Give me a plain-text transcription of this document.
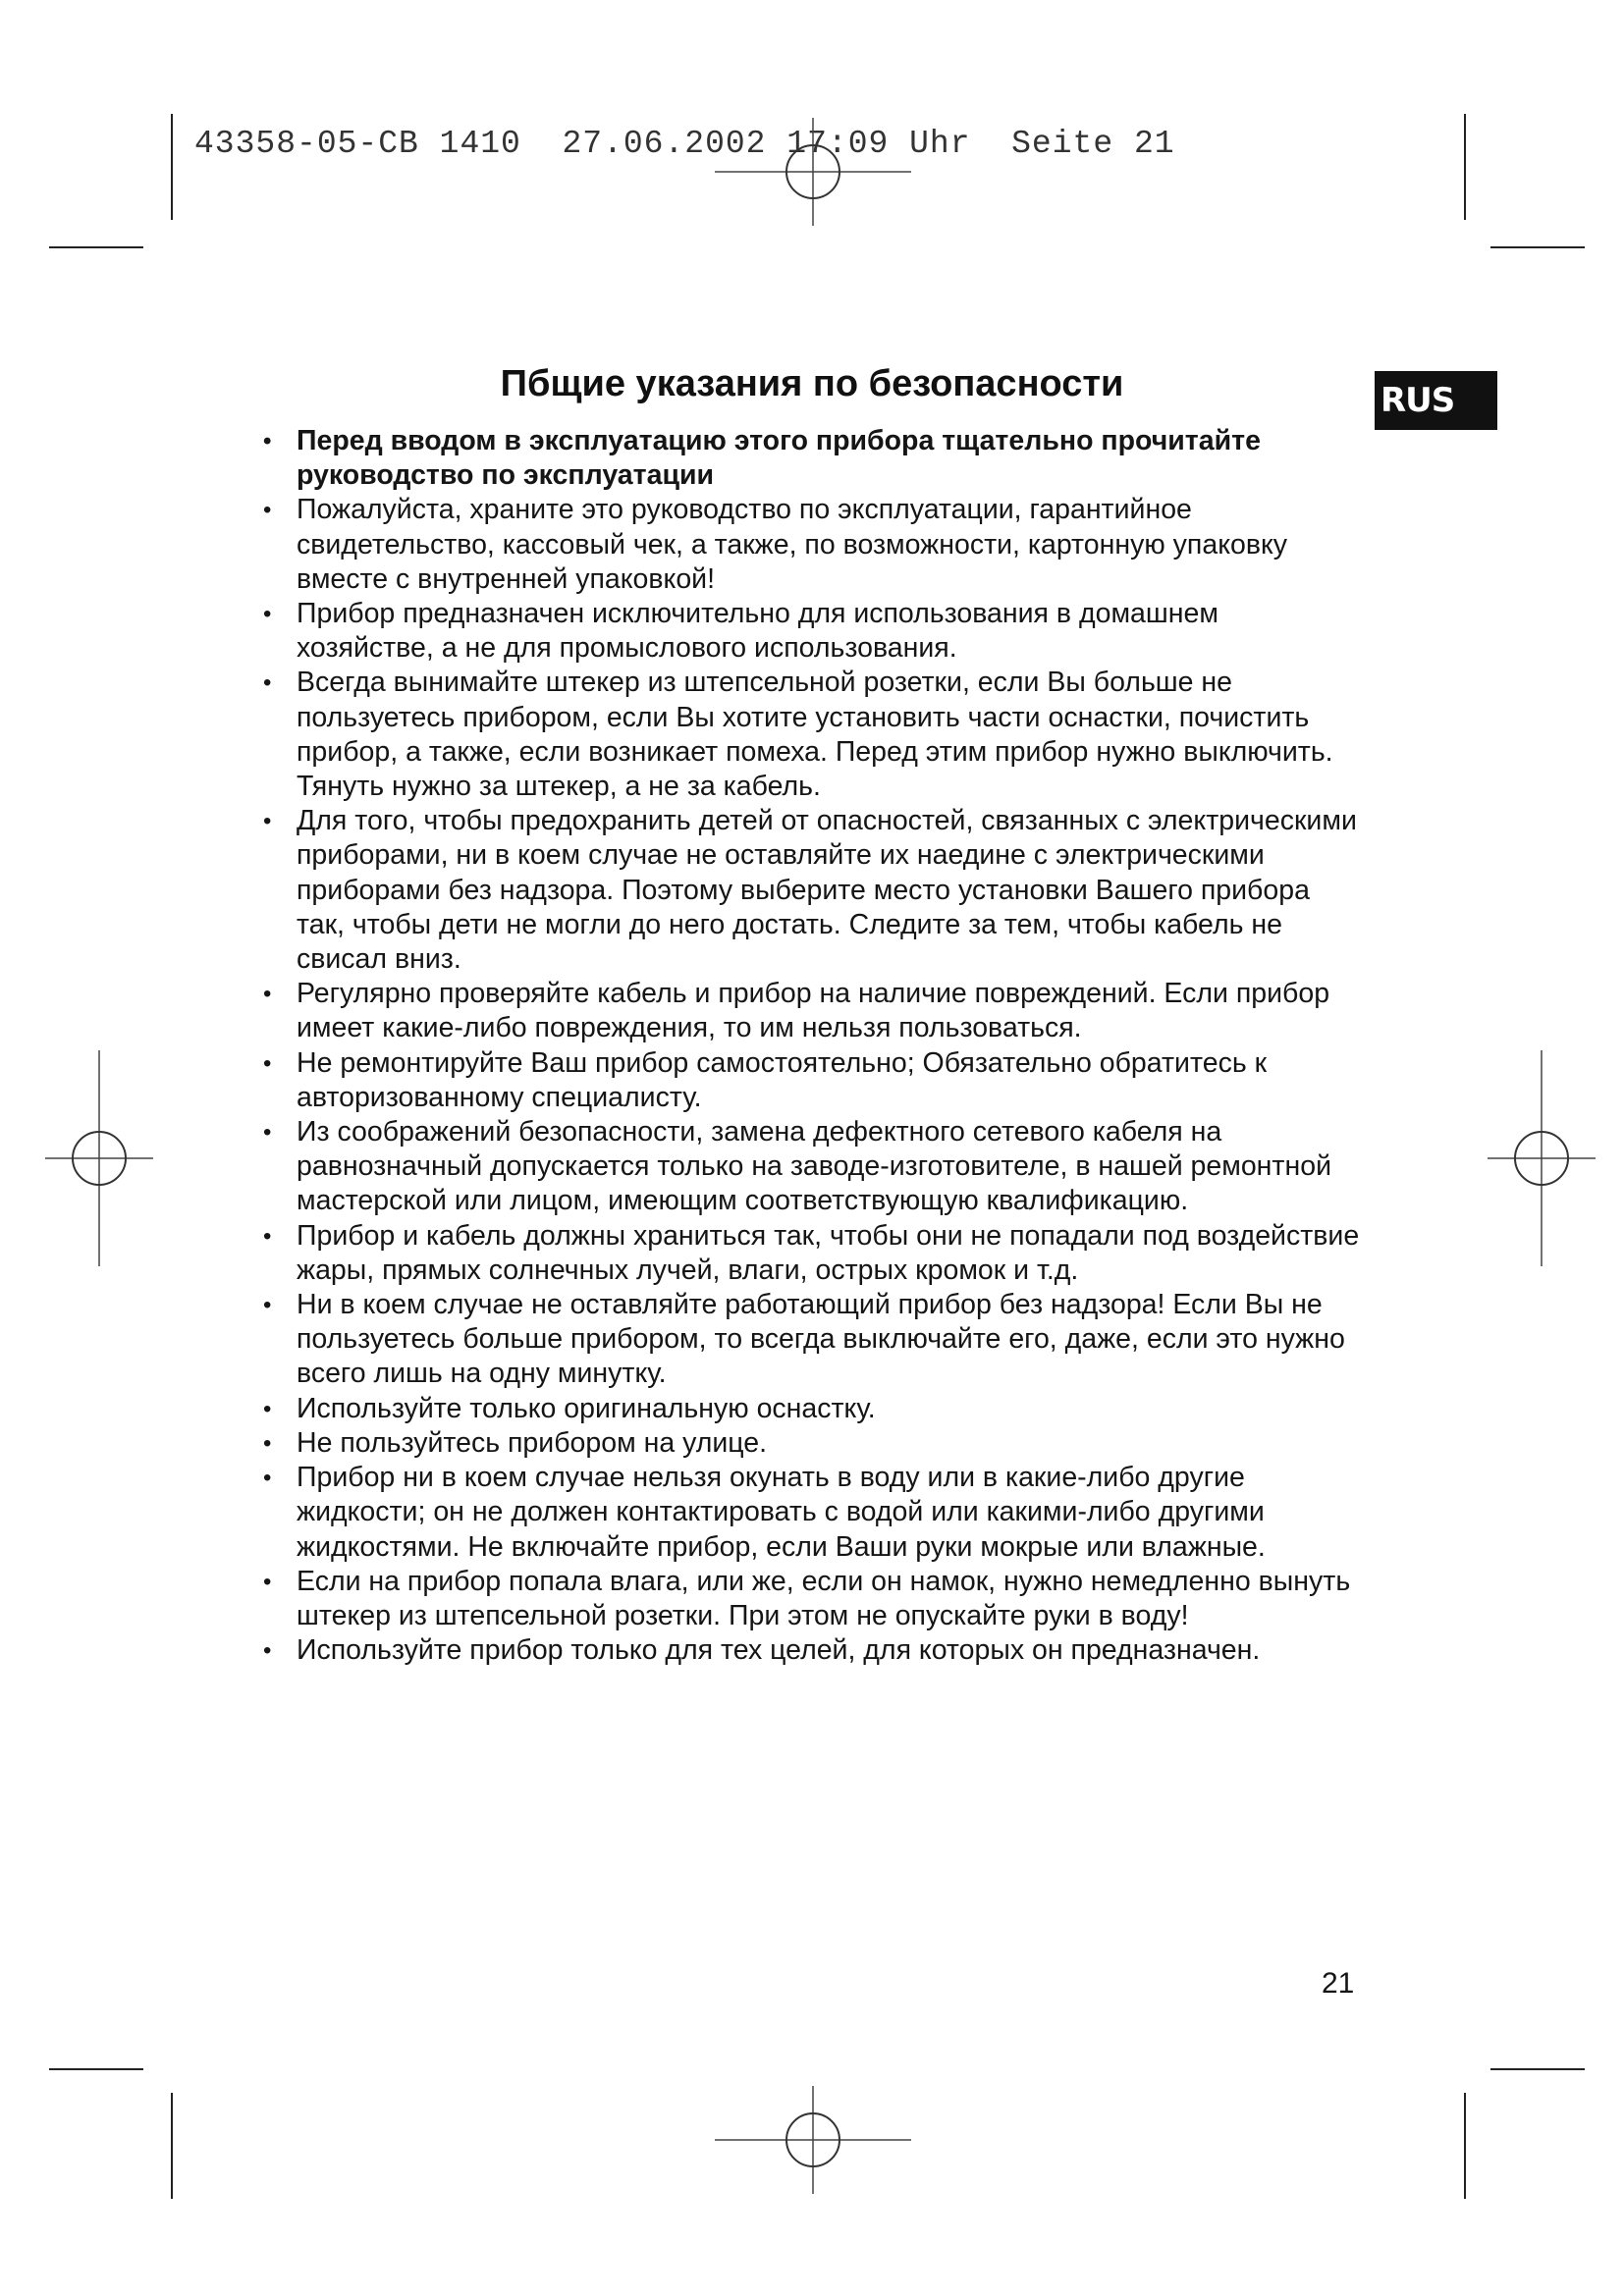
43358-05-CB 1410  27.06.2002 17:09 Uhr  Seite 21
Пбщие указания по безопасности	RUS
• Перед вводом в эксплуатацию этого прибора тщательно прочитайте руководство по эксплуатации
• Пожалуйста, храните это руководство по эксплуатации, гарантийное свидетельство, кассовый чек, а также, по возможности, картонную упаковку вместе с внутренней упаковкой!
• Прибор предназначен исключительно для использования в домашнем хозяйстве, а не для промыслового использования.
• Всегда вынимайте штекер из штепсельной розетки, если Вы больше не пользуетесь прибором, если Вы хотите установить части оснастки, почистить прибор, а также, если возникает помеха. Перед этим прибор нужно выключить. Тянуть нужно за штекер, а не за кабель.
• Для того, чтобы предохранить детей от опасностей, связанных с электрическими приборами, ни в коем случае не оставляйте их наедине с электрическими приборами без надзора. Поэтому выберите место установки Вашего прибора так, чтобы дети не могли до него достать. Следите за тем, чтобы кабель не свисал вниз.
• Регулярно проверяйте кабель и прибор на наличие повреждений. Если прибор имеет какие-либо повреждения, то им нельзя пользоваться.
• Не ремонтируйте Ваш прибор самостоятельно; Обязательно обратитесь к авторизованному специалисту.
• Из соображений безопасности, замена дефектного сетевого кабеля на равнозначный допускается только на заводе-изготовителе, в нашей ремонтной мастерской или лицом, имеющим соответствующую квалификацию.
• Прибор и кабель должны храниться так, чтобы они не попадали под воздействие жары, прямых солнечных лучей, влаги, острых кромок и т.д.
• Ни в коем случае не оставляйте работающий прибор без надзора! Если Вы не пользуетесь больше прибором, то всегда выключайте его, даже, если это нужно всего лишь на одну минутку.
• Используйте только оригинальную оснастку.
• Не пользуйтесь прибором на улице.
• Прибор ни в коем случае нельзя окунать в воду или в какие-либо другие жидкости; он не должен контактировать с водой или какими-либо другими жидкостями. Не включайте прибор, если Ваши руки мокрые или влажные.
• Если на прибор попала влага, или же, если он намок, нужно немедленно вынуть штекер из штепсельной розетки. При этом не опускайте руки в воду!
• Используйте прибор только для тех целей, для которых он предназначен.
21
